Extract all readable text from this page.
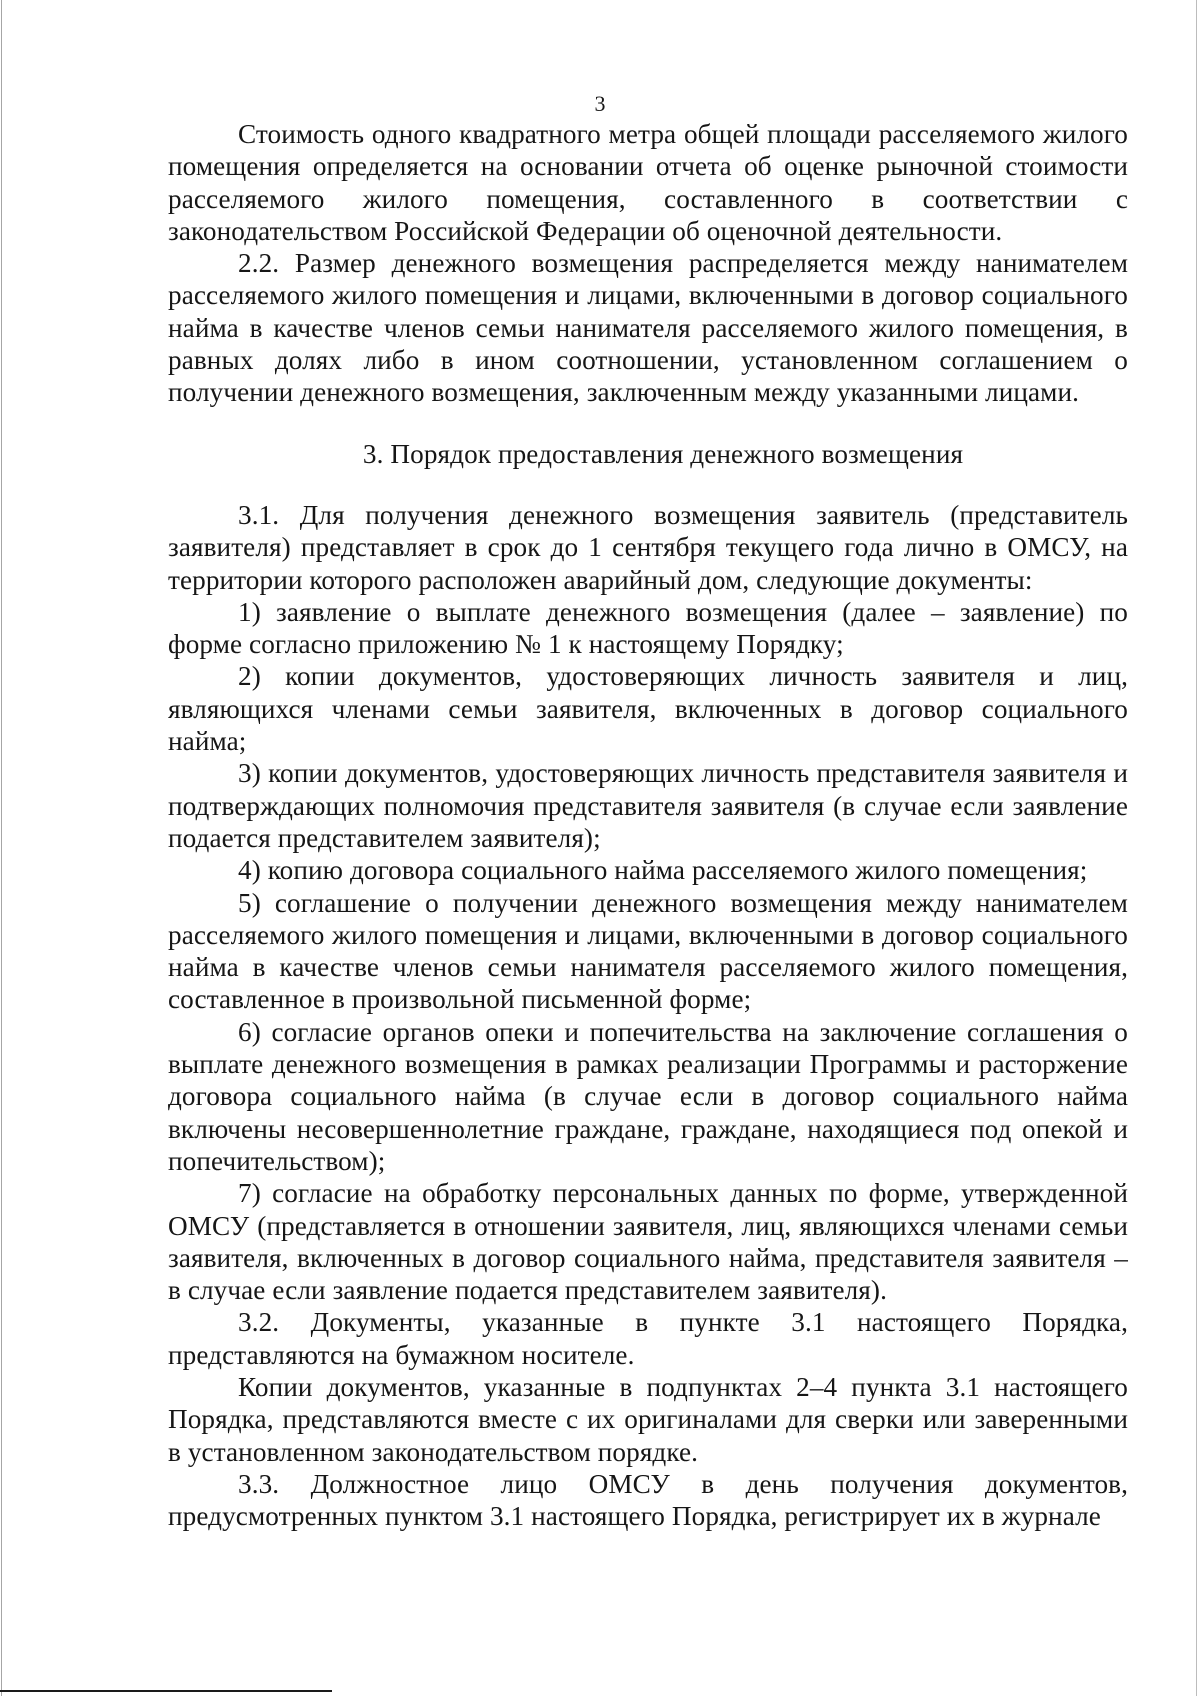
3

Стоимость одного квадратного метра общей площади расселяемого жилого помещения определяется на основании отчета об оценке рыночной стоимости расселяемого жилого помещения, составленного в соответствии с законодательством Российской Федерации об оценочной деятельности.

2.2. Размер денежного возмещения распределяется между нанимателем расселяемого жилого помещения и лицами, включенными в договор социального найма в качестве членов семьи нанимателя расселяемого жилого помещения, в равных долях либо в ином соотношении, установленном соглашением о получении денежного возмещения, заключенным между указанными лицами.

3. Порядок предоставления денежного возмещения

3.1. Для получения денежного возмещения заявитель (представитель заявителя) представляет в срок до 1 сентября текущего года лично в ОМСУ, на территории которого расположен аварийный дом, следующие документы:

1) заявление о выплате денежного возмещения (далее – заявление) по форме согласно приложению № 1 к настоящему Порядку;

2) копии документов, удостоверяющих личность заявителя и лиц, являющихся членами семьи заявителя, включенных в договор социального найма;

3) копии документов, удостоверяющих личность представителя заявителя и подтверждающих полномочия представителя заявителя (в случае если заявление подается представителем заявителя);

4) копию договора социального найма расселяемого жилого помещения;

5) соглашение о получении денежного возмещения между нанимателем расселяемого жилого помещения и лицами, включенными в договор социального найма в качестве членов семьи нанимателя расселяемого жилого помещения, составленное в произвольной письменной форме;

6) согласие органов опеки и попечительства на заключение соглашения о выплате денежного возмещения в рамках реализации Программы и расторжение договора социального найма (в случае если в договор социального найма включены несовершеннолетние граждане, граждане, находящиеся под опекой и попечительством);

7) согласие на обработку персональных данных по форме, утвержденной ОМСУ (представляется в отношении заявителя, лиц, являющихся членами семьи заявителя, включенных в договор социального найма, представителя заявителя – в случае если заявление подается представителем заявителя).

3.2. Документы, указанные в пункте 3.1 настоящего Порядка, представляются на бумажном носителе.

Копии документов, указанные в подпунктах 2–4 пункта 3.1 настоящего Порядка, представляются вместе с их оригиналами для сверки или заверенными в установленном законодательством порядке.

3.3. Должностное лицо ОМСУ в день получения документов, предусмотренных пунктом 3.1 настоящего Порядка, регистрирует их в журнале
